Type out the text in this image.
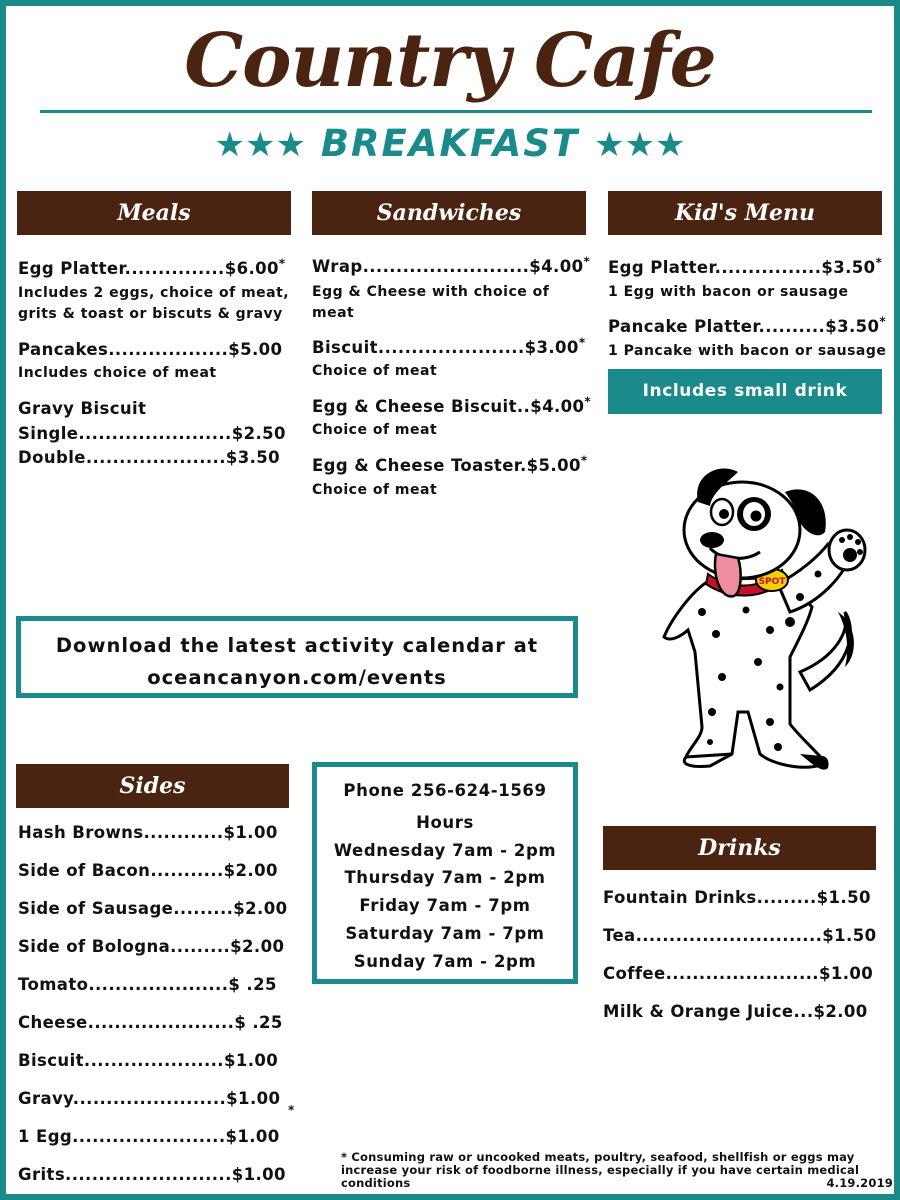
Country Cafe
★★★ BREAKFAST ★★★
Meals	Sandwiches	Kid's Menu
Egg Platter...............$6.00*
Includes 2 eggs, choice of meat,
grits & toast or biscuts & gravy
Pancakes..................$5.00
Includes choice of meat
Gravy Biscuit
Single.......................$2.50
Double.....................$3.50
Wrap.........................$4.00*
Egg & Cheese with choice of
meat
Biscuit......................$3.00*
Choice of meat
Egg & Cheese Biscuit..$4.00*
Choice of meat
Egg & Cheese Toaster.$5.00*
Choice of meat
Egg Platter................$3.50*
1 Egg with bacon or sausage
Pancake Platter..........$3.50*
1 Pancake with bacon or sausage
Includes small drink
SPOT
Download the latest activity calendar at
oceancanyon.com/events
Sides
Hash Browns............$1.00
Side of Bacon...........$2.00
Side of Sausage.........$2.00
Side of Bologna.........$2.00
Tomato.....................$ .25
Cheese......................$ .25
Biscuit.....................$1.00
Gravy.......................$1.00
1 Egg.......................$1.00
Grits.........................$1.00
*
Phone 256-624-1569
Hours
Wednesday 7am - 2pm
Thursday 7am - 2pm
Friday 7am - 7pm
Saturday 7am - 7pm
Sunday 7am - 2pm
Drinks
Fountain Drinks.........$1.50
Tea............................$1.50
Coffee.......................$1.00
Milk & Orange Juice...$2.00
* Consuming raw or uncooked meats, poultry, seafood, shellfish or eggs may increase your risk of foodborne illness, especially if you have certain medical conditions	4.19.2019
